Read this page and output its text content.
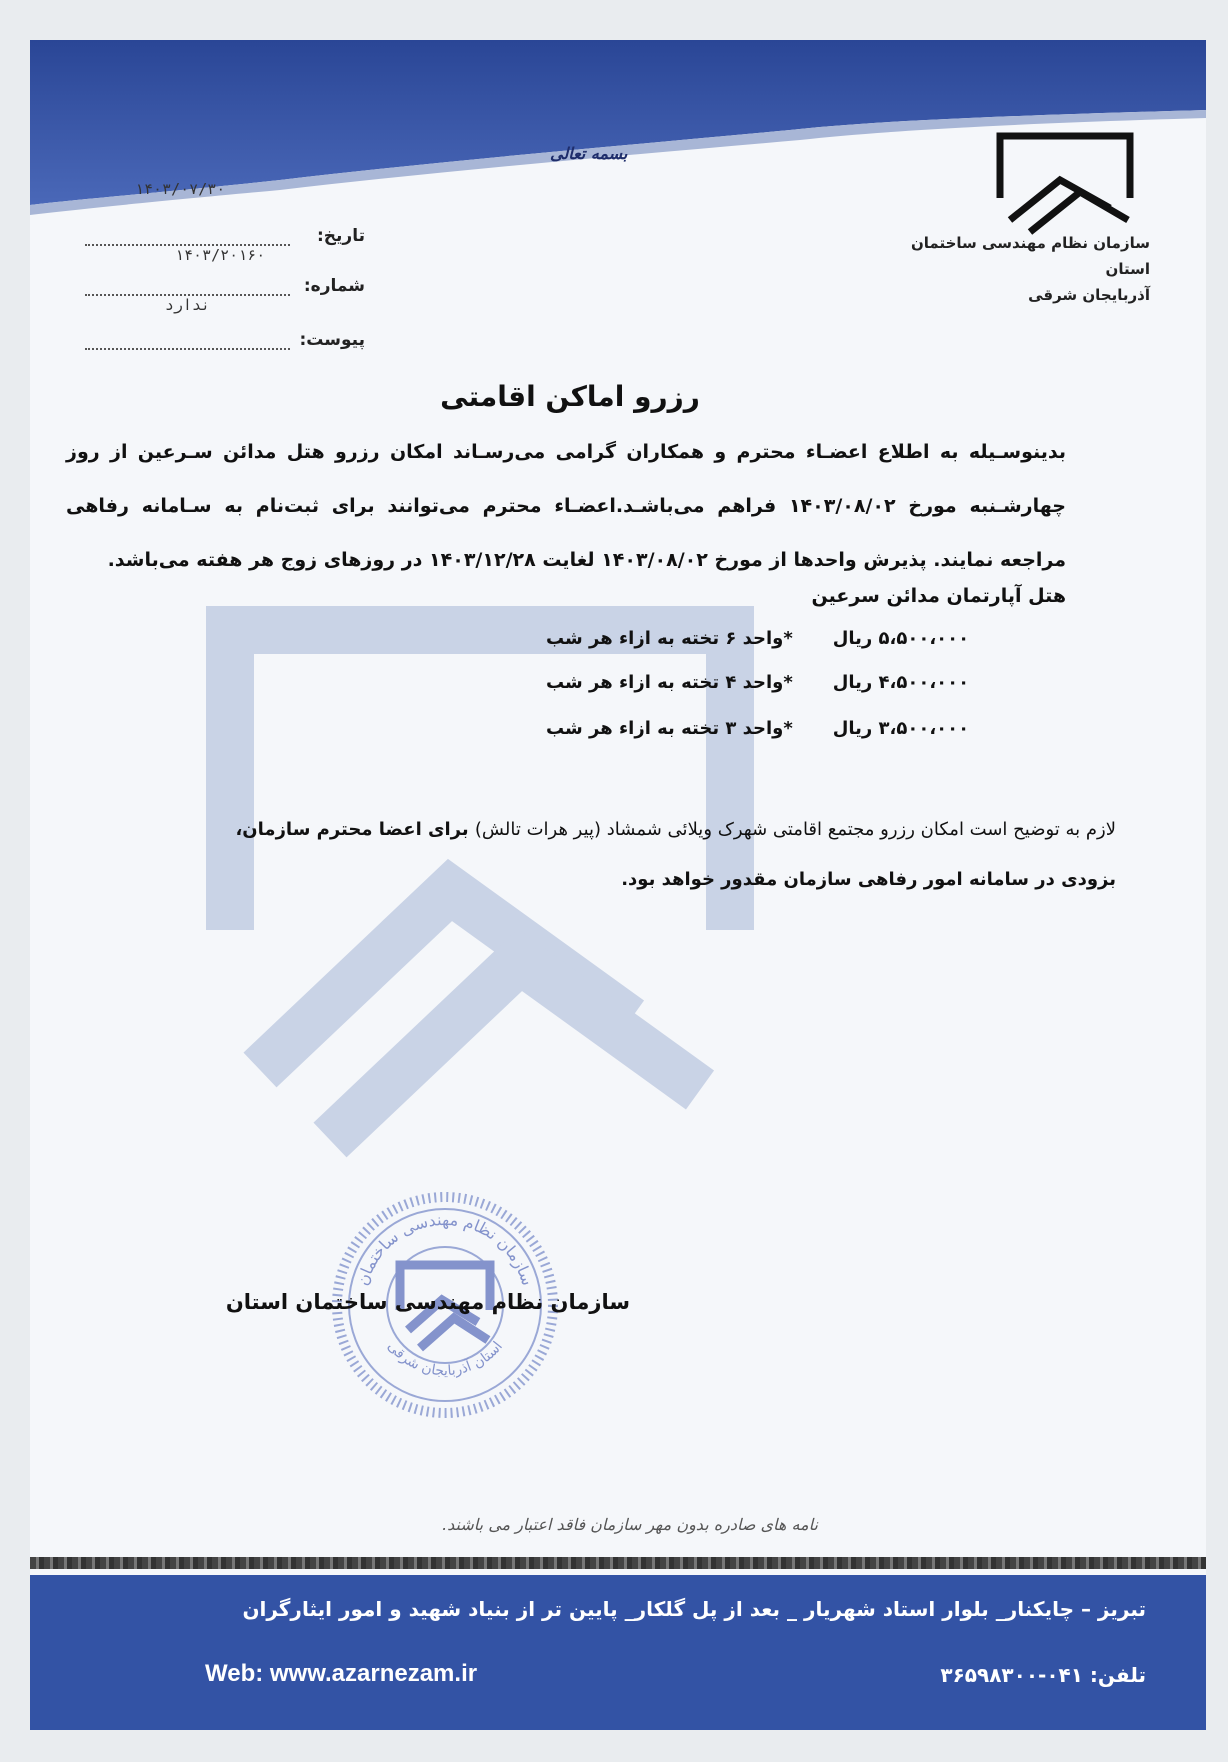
بسمه تعالی
سازمان نظام مهندسی ساختمان استان
آذربایجان شرقی
۱۴۰۳/۰۷/۳۰
تاریخ:
۱۴۰۳/۲۰۱۶۰
شماره:
ندارد
پیوست:
رزرو اماکن اقامتی
بدینوسـیله به اطلاع اعضـاء محترم و همکاران گرامی می‌رسـاند امکان رزرو هتل مدائن سـرعین از روز چهارشـنبه مورخ ۱۴۰۳/۰۸/۰۲ فراهم می‌باشـد.اعضـاء محترم می‌توانند برای ثبت‌نام به سـامانه رفاهی مراجعه نمایند. پذیرش واحدها از مورخ ۱۴۰۳/۰۸/۰۲ لغایت ۱۴۰۳/۱۲/۲۸ در روزهای زوج هر هفته می‌باشد.
هتل آپارتمان مدائن سرعین
*واحد ۶ تخته به ازاء هر شب ۵،۵۰۰،۰۰۰ ریال
*واحد ۴ تخته به ازاء هر شب ۴،۵۰۰،۰۰۰ ریال
*واحد ۳ تخته به ازاء هر شب ۳،۵۰۰،۰۰۰ ریال
لازم به توضیح است امکان رزرو مجتمع اقامتی شهرک ویلائی شمشاد (پیر هرات تالش) برای اعضا محترم سازمان،
بزودی در سامانه امور رفاهی سازمان مقدور خواهد بود.
سازمان نظام مهندسی ساختمان
استان آذربایجان شرقی
سازمان نظام مهندسی ساختمان استان
نامه های صادره بدون مهر سازمان فاقد اعتبار می باشند.
تبریز – چایکنار_ بلوار استاد شهریار _ بعد از پل گلکار_ پایین تر از بنیاد شهید و امور ایثارگران
Web: www.azarnezam.ir	تلفن: ۰۴۱-۳۶۵۹۸۳۰۰
